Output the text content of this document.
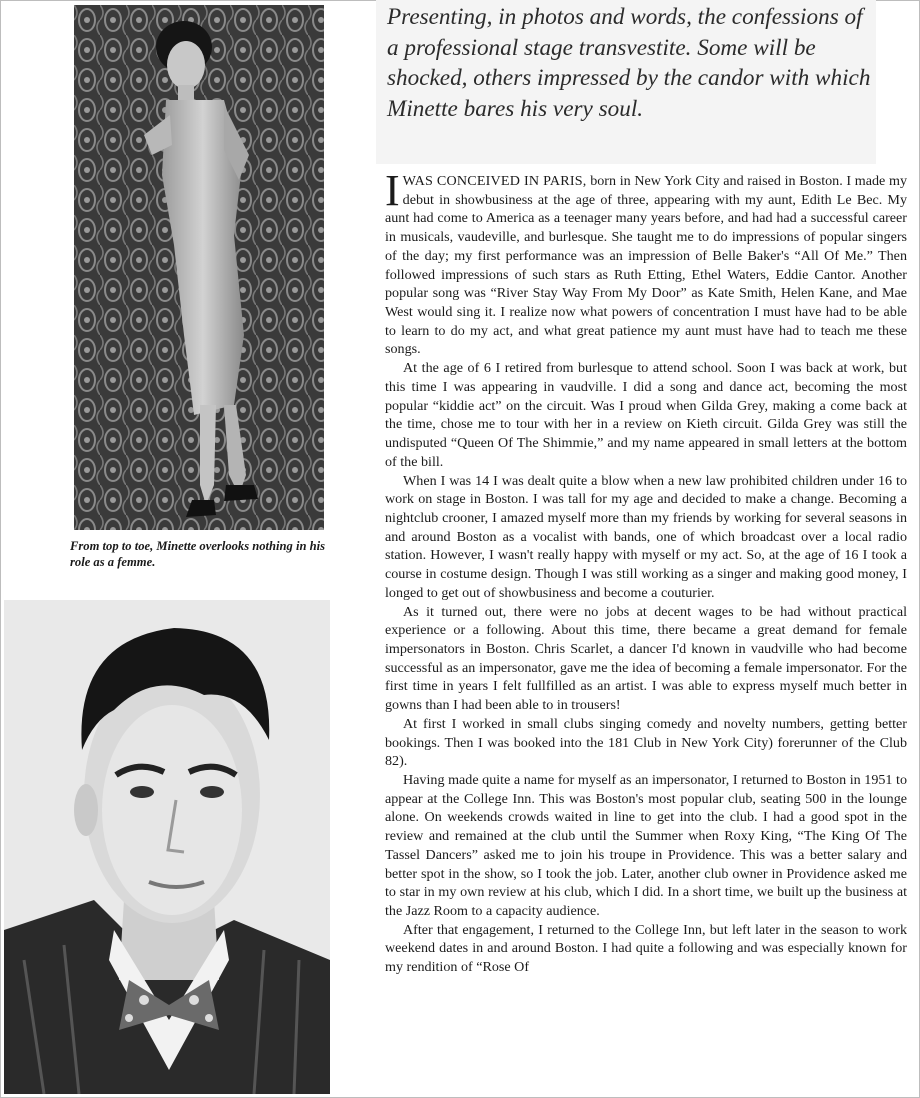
From top to toe, Minette overlooks nothing in his role as a femme.
Presenting, in photos and words, the confessions of a professional stage transvestite. Some will be shocked, others impressed by the candor with which Minette bares his very soul.

IWAS CONCEIVED IN PARIS, born in New York City and raised in Boston. I made my debut in showbusiness at the age of three, appearing with my aunt, Edith Le Bec. My aunt had come to America as a teenager many years before, and had had a successful career in musicals, vaudeville, and burlesque. She taught me to do impressions of popular singers of the day; my first performance was an impression of Belle Baker's “All Of Me.” Then followed impressions of such stars as Ruth Etting, Ethel Waters, Eddie Cantor. Another popular song was “River Stay Way From My Door” as Kate Smith, Helen Kane, and Mae West would sing it. I realize now what powers of concentration I must have had to be able to learn to do my act, and what great patience my aunt must have had to teach me these songs.

At the age of 6 I retired from burlesque to attend school. Soon I was back at work, but this time I was appearing in vaudville. I did a song and dance act, becoming the most popular “kiddie act” on the circuit. Was I proud when Gilda Grey, making a come back at the time, chose me to tour with her in a review on Kieth circuit. Gilda Grey was still the undisputed “Queen Of The Shimmie,” and my name appeared in small letters at the bottom of the bill.

When I was 14 I was dealt quite a blow when a new law prohibited children under 16 to work on stage in Boston. I was tall for my age and decided to make a change. Becoming a nightclub crooner, I amazed myself more than my friends by working for several seasons in and around Boston as a vocalist with bands, one of which broadcast over a local radio station. However, I wasn't really happy with myself or my act. So, at the age of 16 I took a course in costume design. Though I was still working as a singer and making good money, I longed to get out of showbusiness and become a couturier.

As it turned out, there were no jobs at decent wages to be had without practical experience or a following. About this time, there became a great demand for female impersonators in Boston. Chris Scarlet, a dancer I'd known in vaudville who had become successful as an impersonator, gave me the idea of becoming a female impersonator. For the first time in years I felt fullfilled as an artist. I was able to express myself much better in gowns than I had been able to in trousers!

At first I worked in small clubs singing comedy and novelty numbers, getting better bookings. Then I was booked into the 181 Club in New York City) forerunner of the Club 82).

Having made quite a name for myself as an impersonator, I returned to Boston in 1951 to appear at the College Inn. This was Boston's most popular club, seating 500 in the lounge alone. On weekends crowds waited in line to get into the club. I had a good spot in the review and remained at the club until the Summer when Roxy King, “The King Of The Tassel Dancers” asked me to join his troupe in Providence. This was a better salary and better spot in the show, so I took the job. Later, another club owner in Providence asked me to star in my own review at his club, which I did. In a short time, we built up the business at the Jazz Room to a capacity audience.

After that engagement, I returned to the College Inn, but left later in the season to work weekend dates in and around Boston. I had quite a following and was especially known for my rendition of “Rose Of
